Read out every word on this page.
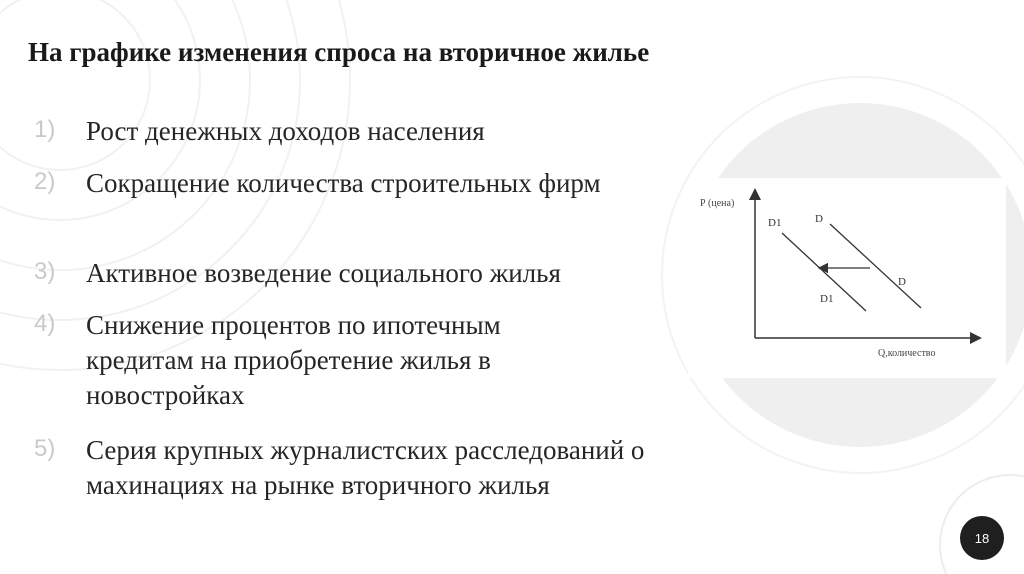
На графике изменения спроса на вторичное жилье
1) Рост денежных доходов населения
2) Сокращение количества строительных фирм
3) Активное возведение социального жилья
4) Снижение процентов по ипотечным кредитам на приобретение жилья в новостройках
5) Серия крупных журналистских расследований о махинациях на рынке вторичного жилья
Р (цена)
Q,количество
D
D
D1
D1
18
